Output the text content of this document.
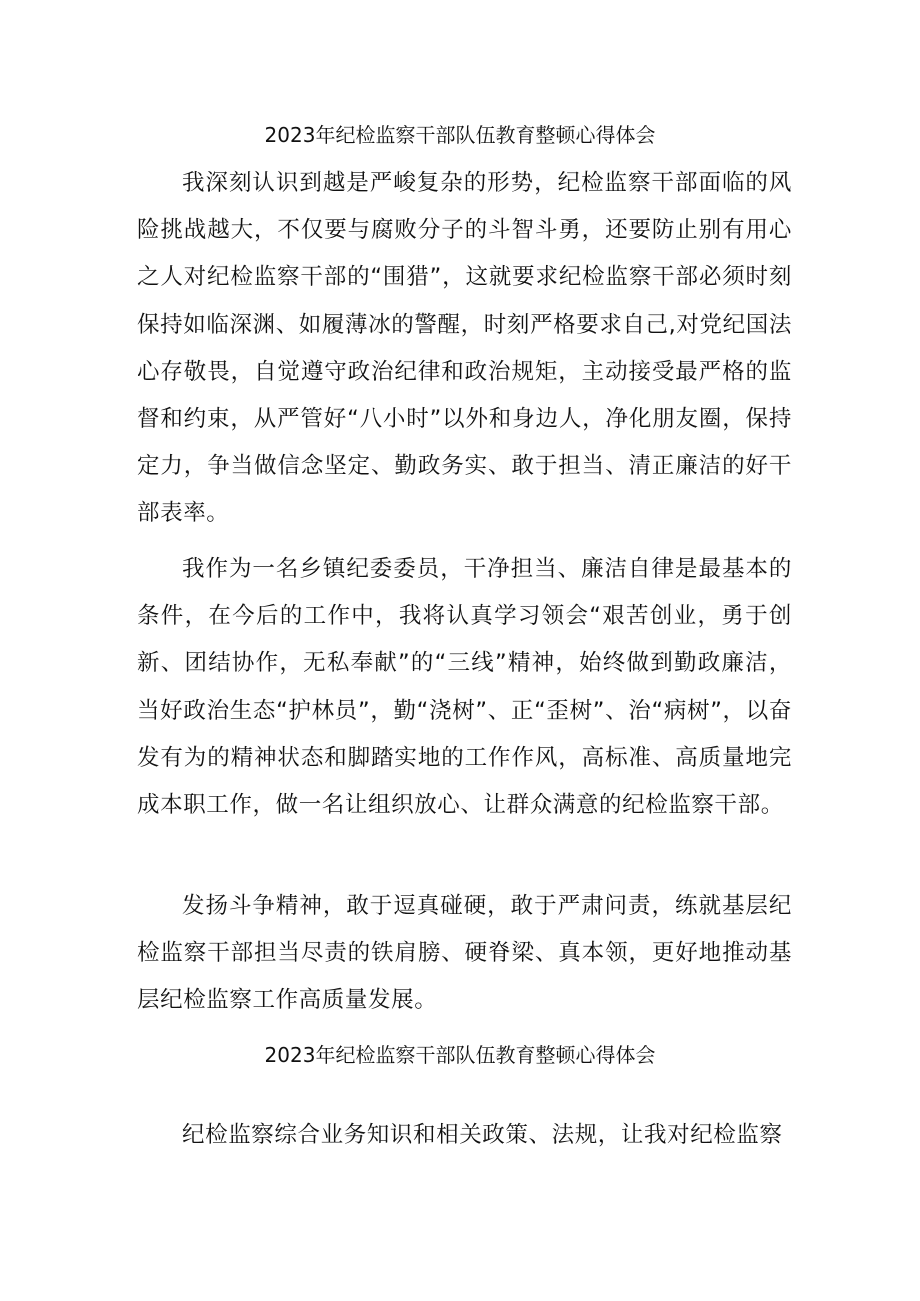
2023年纪检监察干部队伍教育整顿心得体会

我深刻认识到越是严峻复杂的形势，纪检监察干部面临的风险挑战越大，不仅要与腐败分子的斗智斗勇，还要防止别有用心之人对纪检监察干部的“围猎”，这就要求纪检监察干部必须时刻保持如临深渊、如履薄冰的警醒，时刻严格要求自己,对党纪国法心存敬畏，自觉遵守政治纪律和政治规矩，主动接受最严格的监督和约束，从严管好“八小时”以外和身边人，净化朋友圈，保持定力，争当做信念坚定、勤政务实、敢于担当、清正廉洁的好干部表率。

我作为一名乡镇纪委委员，干净担当、廉洁自律是最基本的条件，在今后的工作中，我将认真学习领会“艰苦创业，勇于创新、团结协作，无私奉献”的“三线”精神，始终做到勤政廉洁，当好政治生态“护林员”，勤“浇树”、正“歪树”、治“病树”，以奋发有为的精神状态和脚踏实地的工作作风，高标准、高质量地完成本职工作，做一名让组织放心、让群众满意的纪检监察干部。

发扬斗争精神，敢于逗真碰硬，敢于严肃问责，练就基层纪检监察干部担当尽责的铁肩膀、硬脊梁、真本领，更好地推动基层纪检监察工作高质量发展。

2023年纪检监察干部队伍教育整顿心得体会

纪检监察综合业务知识和相关政策、法规，让我对纪检监察
